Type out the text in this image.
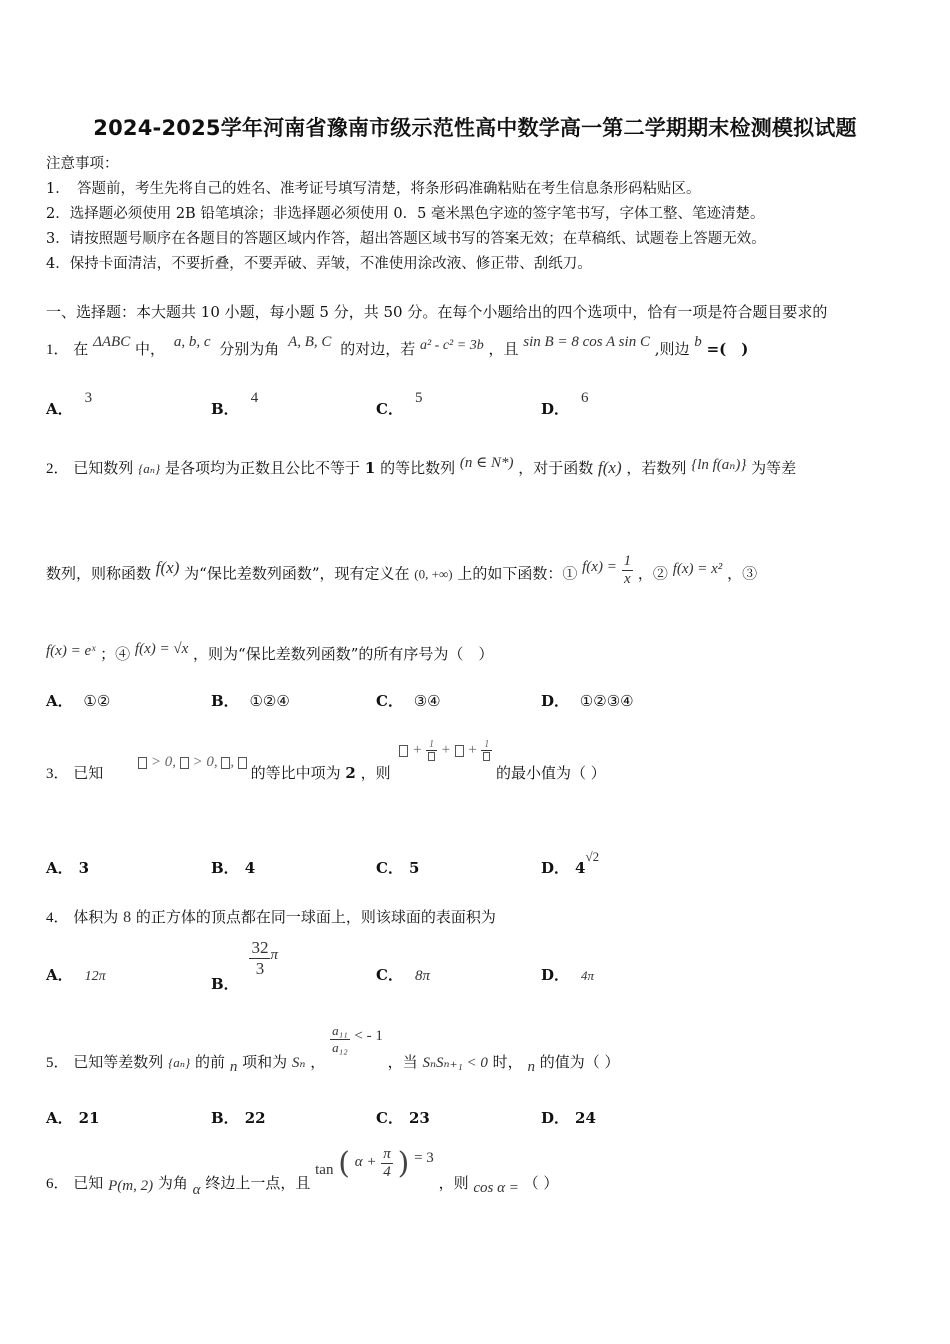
2024-2025学年河南省豫南市级示范性高中数学高一第二学期期末检测模拟试题
注意事项：
1．　答题前，考生先将自己的姓名、准考证号填写清楚，将条形码准确粘贴在考生信息条形码粘贴区。
2．选择题必须使用 2B 铅笔填涂；非选择题必须使用 0．5 毫米黑色字迹的签字笔书写，字体工整、笔迹清楚。
3．请按照题号顺序在各题目的答题区域内作答，超出答题区域书写的答案无效；在草稿纸、试题卷上答题无效。
4．保持卡面清洁，不要折叠，不要弄破、弄皱，不准使用涂改液、修正带、刮纸刀。
一、选择题：本大题共 10 小题，每小题 5 分，共 50 分。在每个小题给出的四个选项中，恰有一项是符合题目要求的
1． 在 ΔABC 中， a, b, c 分别为角 A, B, C 的对边，若 a² - c² = 3b ，且 sin B = 8 cos A sin C ,则边 b =(　)
A．3
B．4
C．5
D．6
2． 已知数列 {aₙ} 是各项均为正数且公比不等于 1 的等比数列 (n ∈ N*) ，对于函数 f(x) ，若数列 {ln f(aₙ)} 为等差
数列，则称函数 f(x) 为“保比差数列函数”，现有定义在 (0, +∞) 上的如下函数：① $f(x) = \frac{1}{x}$ ，② f(x) = x² ，③
f(x) = eˣ ；④ f(x) = √x ，则为“保比差数列函数”的所有序号为（　）
A． ①②	B． ①②④	C． ③④	D． ①②③④
3． 已知  > 0, > 0, ,  的等比中项为 2 ，则  + 1 +  + 1
的最小值为（ ）
A． 3	B． 4	C． 5	D． 4√2
4． 体积为 8 的正方体的顶点都在同一球面上，则该球面的表面积为
A． 12π	B．
$\frac{32}{3}$ π
C． 8π	D． 4π
5． 已知等差数列 {aₙ} 的前 n 项和为 Sₙ ，
$\frac{\text{a₁₁}}{\text{a₁₂}}$ < - 1 ，当 SₙSₙ₊₁ < 0 时， n 的值为（ ）
A． 21	B． 22	C． 23	D． 24
6． 已知 P(m, 2) 为角 α 终边上一点，且 tan ( $\alpha + \frac{\pi}{4}$ ) = 3 ，则 cos α = （ ）
